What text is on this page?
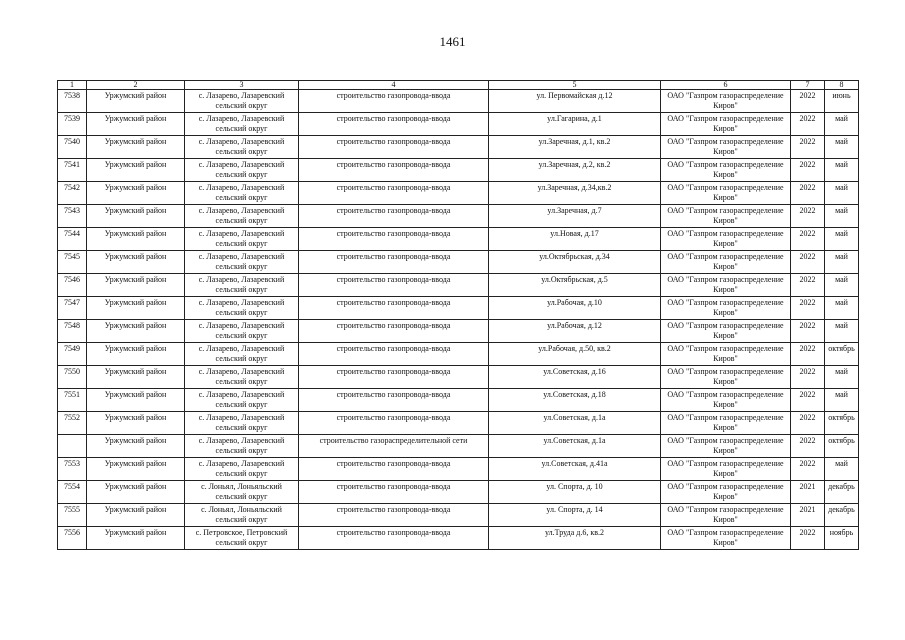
1461
1	2	3	4	5	6	7	8
7538	Уржумский район	с. Лазарево, Лазаревский сельский округ	строительство газопровода-ввода	ул. Первомайская д.12	ОАО "Газпром газораспределение Киров"	2022	июнь
7539	Уржумский район	с. Лазарево, Лазаревский сельский округ	строительство газопровода-ввода	ул.Гагарина, д.1	ОАО "Газпром газораспределение Киров"	2022	май
7540	Уржумский район	с. Лазарево, Лазаревский сельский округ	строительство газопровода-ввода	ул.Заречная, д.1, кв.2	ОАО "Газпром газораспределение Киров"	2022	май
7541	Уржумский район	с. Лазарево, Лазаревский сельский округ	строительство газопровода-ввода	ул.Заречная, д.2, кв.2	ОАО "Газпром газораспределение Киров"	2022	май
7542	Уржумский район	с. Лазарево, Лазаревский сельский округ	строительство газопровода-ввода	ул.Заречная, д.34,кв.2	ОАО "Газпром газораспределение Киров"	2022	май
7543	Уржумский район	с. Лазарево, Лазаревский сельский округ	строительство газопровода-ввода	ул.Заречная, д.7	ОАО "Газпром газораспределение Киров"	2022	май
7544	Уржумский район	с. Лазарево, Лазаревский сельский округ	строительство газопровода-ввода	ул.Новая, д.17	ОАО "Газпром газораспределение Киров"	2022	май
7545	Уржумский район	с. Лазарево, Лазаревский сельский округ	строительство газопровода-ввода	ул.Октябрьская, д.34	ОАО "Газпром газораспределение Киров"	2022	май
7546	Уржумский район	с. Лазарево, Лазаревский сельский округ	строительство газопровода-ввода	ул.Октябрьская, д.5	ОАО "Газпром газораспределение Киров"	2022	май
7547	Уржумский район	с. Лазарево, Лазаревский сельский округ	строительство газопровода-ввода	ул.Рабочая, д.10	ОАО "Газпром газораспределение Киров"	2022	май
7548	Уржумский район	с. Лазарево, Лазаревский сельский округ	строительство газопровода-ввода	ул.Рабочая, д.12	ОАО "Газпром газораспределение Киров"	2022	май
7549	Уржумский район	с. Лазарево, Лазаревский сельский округ	строительство газопровода-ввода	ул.Рабочая, д.50, кв.2	ОАО "Газпром газораспределение Киров"	2022	октябрь
7550	Уржумский район	с. Лазарево, Лазаревский сельский округ	строительство газопровода-ввода	ул.Советская, д.16	ОАО "Газпром газораспределение Киров"	2022	май
7551	Уржумский район	с. Лазарево, Лазаревский сельский округ	строительство газопровода-ввода	ул.Советская, д.18	ОАО "Газпром газораспределение Киров"	2022	май
7552	Уржумский район	с. Лазарево, Лазаревский сельский округ	строительство газопровода-ввода	ул.Советская, д.1а	ОАО "Газпром газораспределение Киров"	2022	октябрь
	Уржумский район	с. Лазарево, Лазаревский сельский округ	строительство газораспределительной сети	ул.Советская, д.1а	ОАО "Газпром газораспределение Киров"	2022	октябрь
7553	Уржумский район	с. Лазарево, Лазаревский сельский округ	строительство газопровода-ввода	ул.Советская, д.41а	ОАО "Газпром газораспределение Киров"	2022	май
7554	Уржумский район	с. Лоньял, Лоньяльский сельский округ	строительство газопровода-ввода	ул. Спорта, д. 10	ОАО "Газпром газораспределение Киров"	2021	декабрь
7555	Уржумский район	с. Лоньял, Лоньяльский сельский округ	строительство газопровода-ввода	ул. Спорта, д. 14	ОАО "Газпром газораспределение Киров"	2021	декабрь
7556	Уржумский район	с. Петровское, Петровский сельский округ	строительство газопровода-ввода	ул.Труда д.6, кв.2	ОАО "Газпром газораспределение Киров"	2022	ноябрь
